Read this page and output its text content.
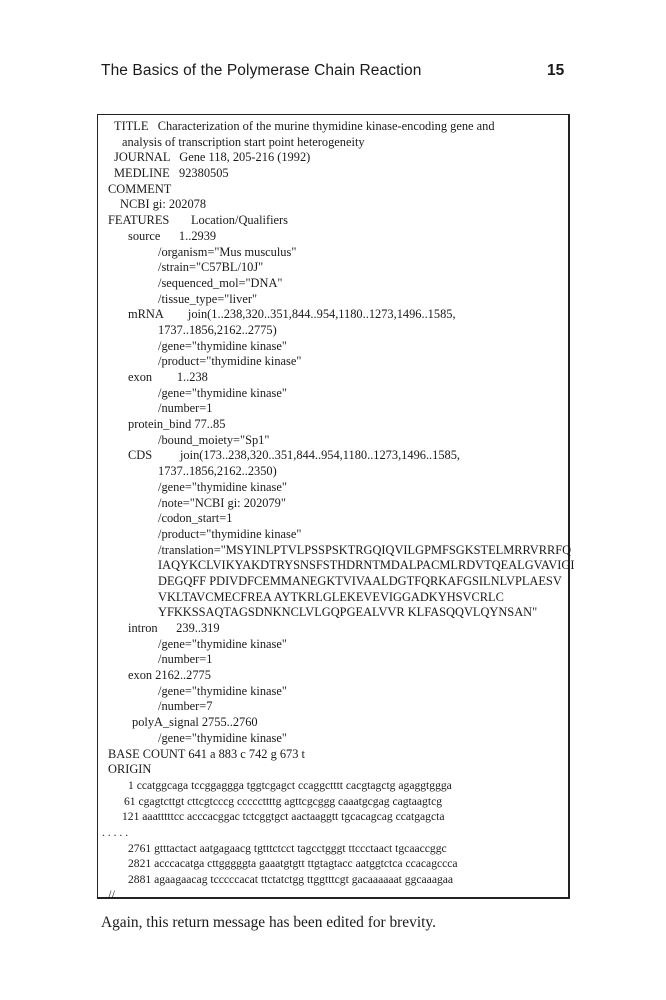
The Basics of the Polymerase Chain Reaction	15
TITLE   Characterization of the murine thymidine kinase-encoding gene and
analysis of transcription start point heterogeneity
JOURNAL   Gene 118, 205-216 (1992)
MEDLINE   92380505
COMMENT
NCBI gi: 202078
FEATURES       Location/Qualifiers
source      1..2939
/organism="Mus musculus"
/strain="C57BL/10J"
/sequenced_mol="DNA"
/tissue_type="liver"
mRNA        join(1..238,320..351,844..954,1180..1273,1496..1585,
1737..1856,2162..2775)
/gene="thymidine kinase"
/product="thymidine kinase"
exon        1..238
/gene="thymidine kinase"
/number=1
protein_bind 77..85
/bound_moiety="Sp1"
CDS         join(173..238,320..351,844..954,1180..1273,1496..1585,
1737..1856,2162..2350)
/gene="thymidine kinase"
/note="NCBI gi: 202079"
/codon_start=1
/product="thymidine kinase"
/translation="MSYINLPTVLPSSPSKTRGQIQVILGPMFSGKSTELMRRVRRFQ
IAQYKCLVIKYAKDTRYSNSFSTHDRNTMDALPACMLRDVTQEALGVAVIGI
DEGQFF PDIVDFCEMMANEGKTVIVAALDGTFQRKAFGSILNLVPLAESV
VKLTAVCMECFREA AYTKRLGLEKEVEVIGGADKYHSVCRLC
YFKKSSAQTAGSDNKNCLVLGQPGEALVVR KLFASQQVLQYNSAN"
intron      239..319
/gene="thymidine kinase"
/number=1
exon 2162..2775
/gene="thymidine kinase"
/number=7
polyA_signal 2755..2760
/gene="thymidine kinase"
BASE COUNT 641 a 883 c 742 g 673 t
ORIGIN
1 ccatggcaga tccggaggga tggtcgagct ccaggctttt cacgtagctg agaggtggga
61 cgagtcttgt cttcgtcccg cccccttttg agttcgcggg caaatgcgag cagtaagtcg
121 aaatttttcc acccacggac tctcggtgct aactaaggtt tgcacagcag ccatgagcta
. . . . .
2761 gtttactact aatgagaacg tgtttctcct tagcctgggt ttccctaact tgcaaccggc
2821 acccacatga cttgggggta gaaatgtgtt ttgtagtacc aatggtctca ccacagccca
2881 agaagaacag tcccccacat ttctatctgg ttggtttcgt gacaaaaaat ggcaaagaa
//
Again, this return message has been edited for brevity.
